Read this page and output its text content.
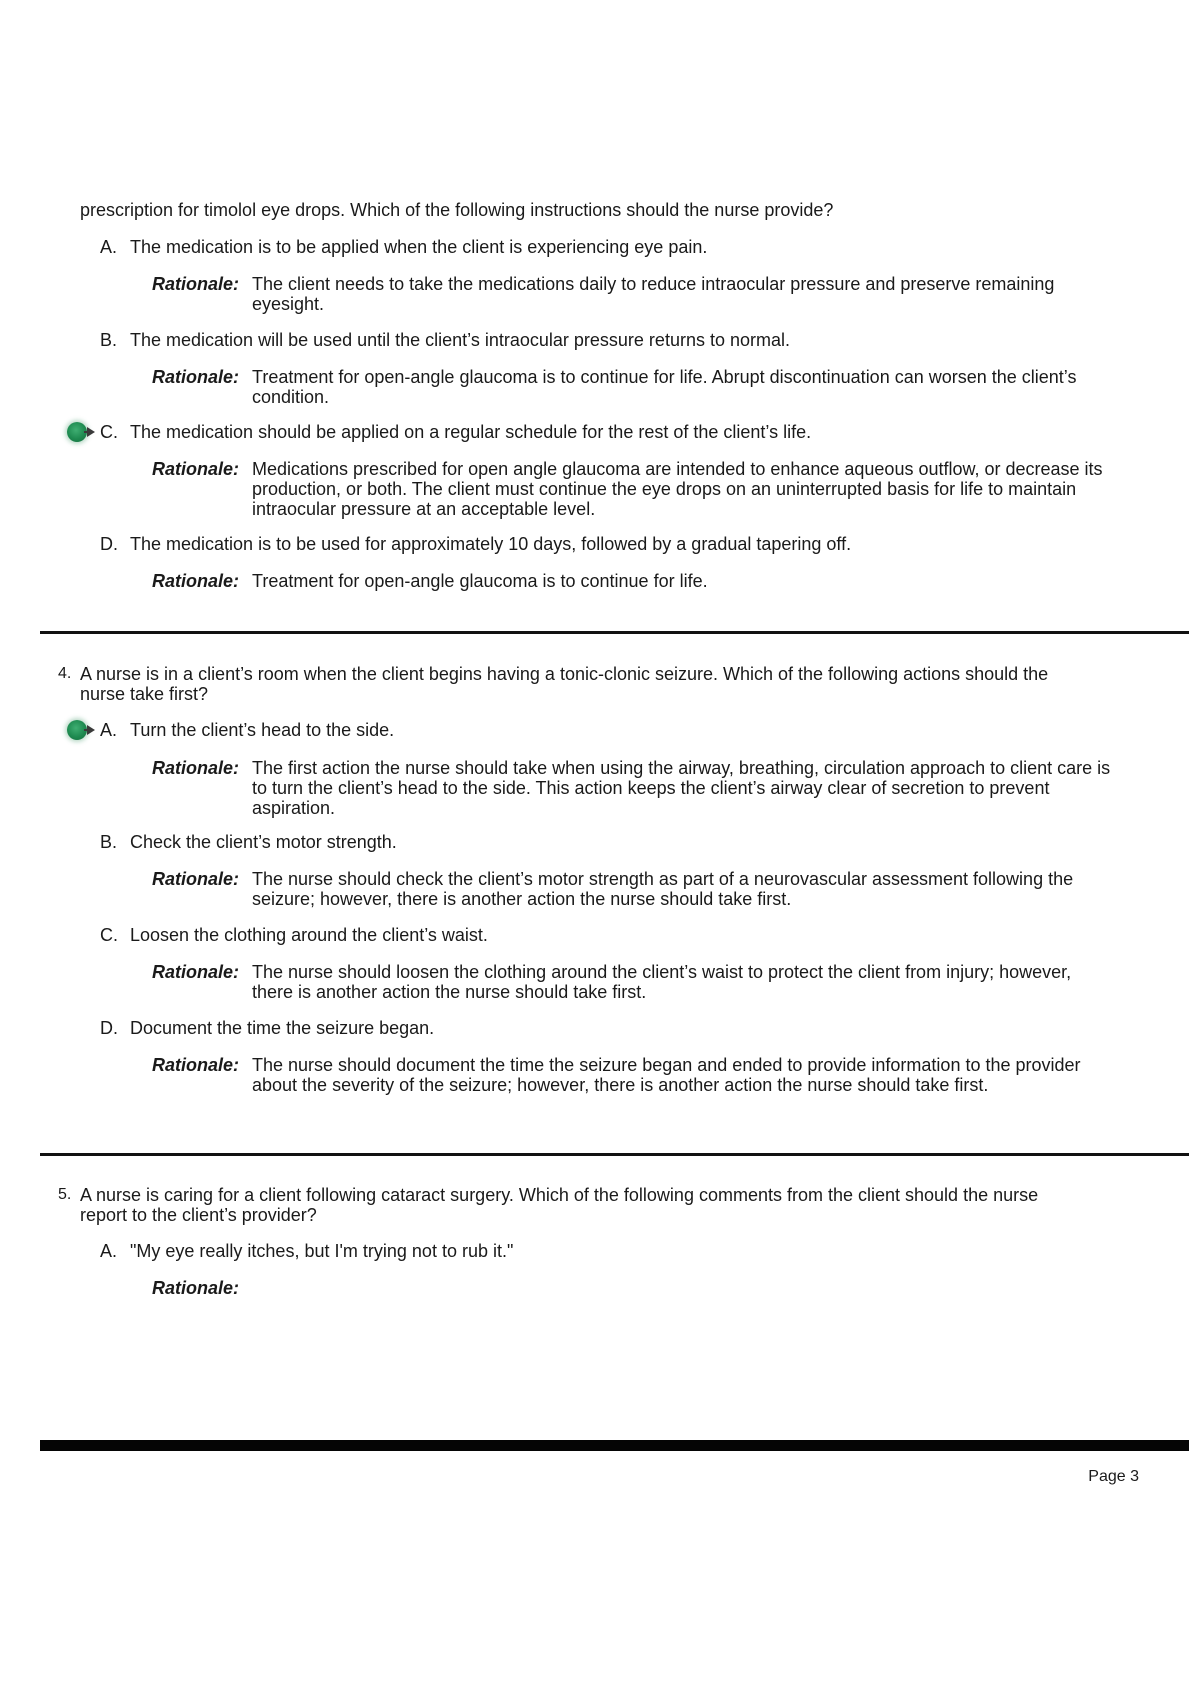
prescription for timolol eye drops. Which of the following instructions should the nurse provide?
A. The medication is to be applied when the client is experiencing eye pain.
Rationale: The client needs to take the medications daily to reduce intraocular pressure and preserve remaining eyesight.
B. The medication will be used until the client’s intraocular pressure returns to normal.
Rationale: Treatment for open-angle glaucoma is to continue for life. Abrupt discontinuation can worsen the client’s condition.
C. The medication should be applied on a regular schedule for the rest of the client’s life.
Rationale: Medications prescribed for open angle glaucoma are intended to enhance aqueous outflow, or decrease its production, or both. The client must continue the eye drops on an uninterrupted basis for life to maintain intraocular pressure at an acceptable level.
D. The medication is to be used for approximately 10 days, followed by a gradual tapering off.
Rationale: Treatment for open-angle glaucoma is to continue for life.
4. A nurse is in a client’s room when the client begins having a tonic-clonic seizure. Which of the following actions should the nurse take first?
A. Turn the client’s head to the side.
Rationale: The first action the nurse should take when using the airway, breathing, circulation approach to client care is to turn the client’s head to the side. This action keeps the client’s airway clear of secretion to prevent aspiration.
B. Check the client’s motor strength.
Rationale: The nurse should check the client’s motor strength as part of a neurovascular assessment following the seizure; however, there is another action the nurse should take first.
C. Loosen the clothing around the client’s waist.
Rationale: The nurse should loosen the clothing around the client’s waist to protect the client from injury; however, there is another action the nurse should take first.
D. Document the time the seizure began.
Rationale: The nurse should document the time the seizure began and ended to provide information to the provider about the severity of the seizure; however, there is another action the nurse should take first.
5. A nurse is caring for a client following cataract surgery. Which of the following comments from the client should the nurse report to the client’s provider?
A. "My eye really itches, but I'm trying not to rub it."
Rationale:
Page 3
